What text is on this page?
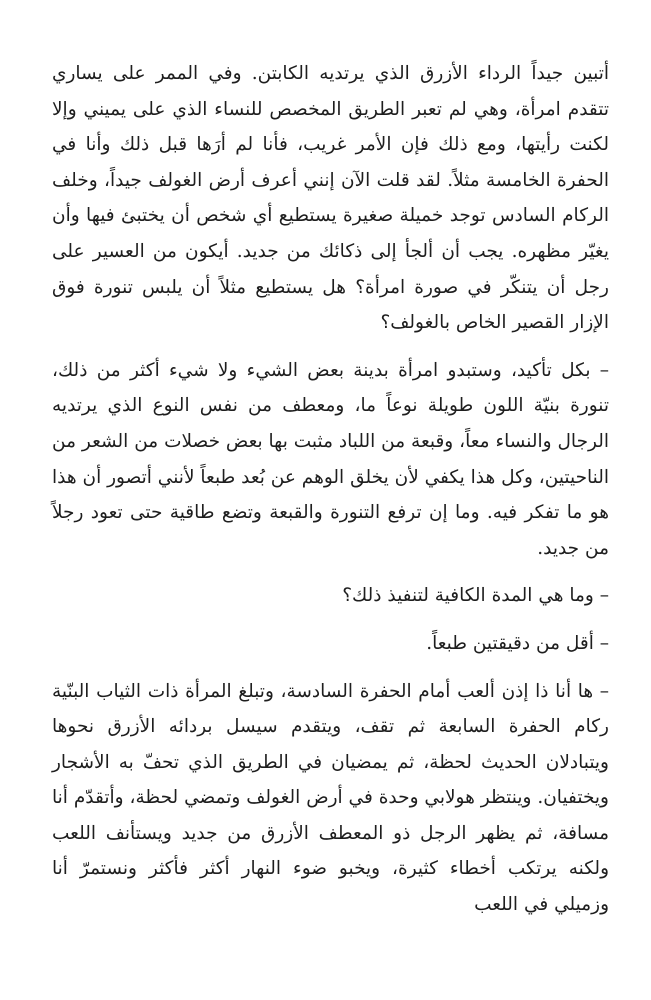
أتبين جيداً الرداء الأزرق الذي يرتديه الكابتن. وفي الممر على يساري تتقدم امرأة، وهي لم تعبر الطريق المخصص للنساء الذي على يميني وإلا لكنت رأيتها، ومع ذلك فإن الأمر غريب، فأنا لم أرَها قبل ذلك وأنا في الحفرة الخامسة مثلاً. لقد قلت الآن إنني أعرف أرض الغولف جيداً، وخلف الركام السادس توجد خميلة صغيرة يستطيع أي شخص أن يختبئ فيها وأن يغيّر مظهره. يجب أن ألجأ إلى ذكائك من جديد. أيكون من العسير على رجل أن يتنكّر في صورة امرأة؟ هل يستطيع مثلاً أن يلبس تنورة فوق الإزار القصير الخاص بالغولف؟

– بكل تأكيد، وستبدو امرأة بدينة بعض الشيء ولا شيء أكثر من ذلك، تنورة بنيّة اللون طويلة نوعاً ما، ومعطف من نفس النوع الذي يرتديه الرجال والنساء معاً، وقبعة من اللباد مثبت بها بعض خصلات من الشعر من الناحيتين، وكل هذا يكفي لأن يخلق الوهم عن بُعد طبعاً لأنني أتصور أن هذا هو ما تفكر فيه. وما إن ترفع التنورة والقبعة وتضع طاقية حتى تعود رجلاً من جديد.

– وما هي المدة الكافية لتنفيذ ذلك؟

– أقل من دقيقتين طبعاً.

– ها أنا ذا إذن ألعب أمام الحفرة السادسة، وتبلغ المرأة ذات الثياب البنّية ركام الحفرة السابعة ثم تقف، ويتقدم سيسل بردائه الأزرق نحوها ويتبادلان الحديث لحظة، ثم يمضيان في الطريق الذي تحفّ به الأشجار ويختفيان. وينتظر هولابي وحدة في أرض الغولف وتمضي لحظة، وأتقدّم أنا مسافة، ثم يظهر الرجل ذو المعطف الأزرق من جديد ويستأنف اللعب ولكنه يرتكب أخطاء كثيرة، ويخبو ضوء النهار أكثر فأكثر ونستمرّ أنا وزميلي في اللعب
